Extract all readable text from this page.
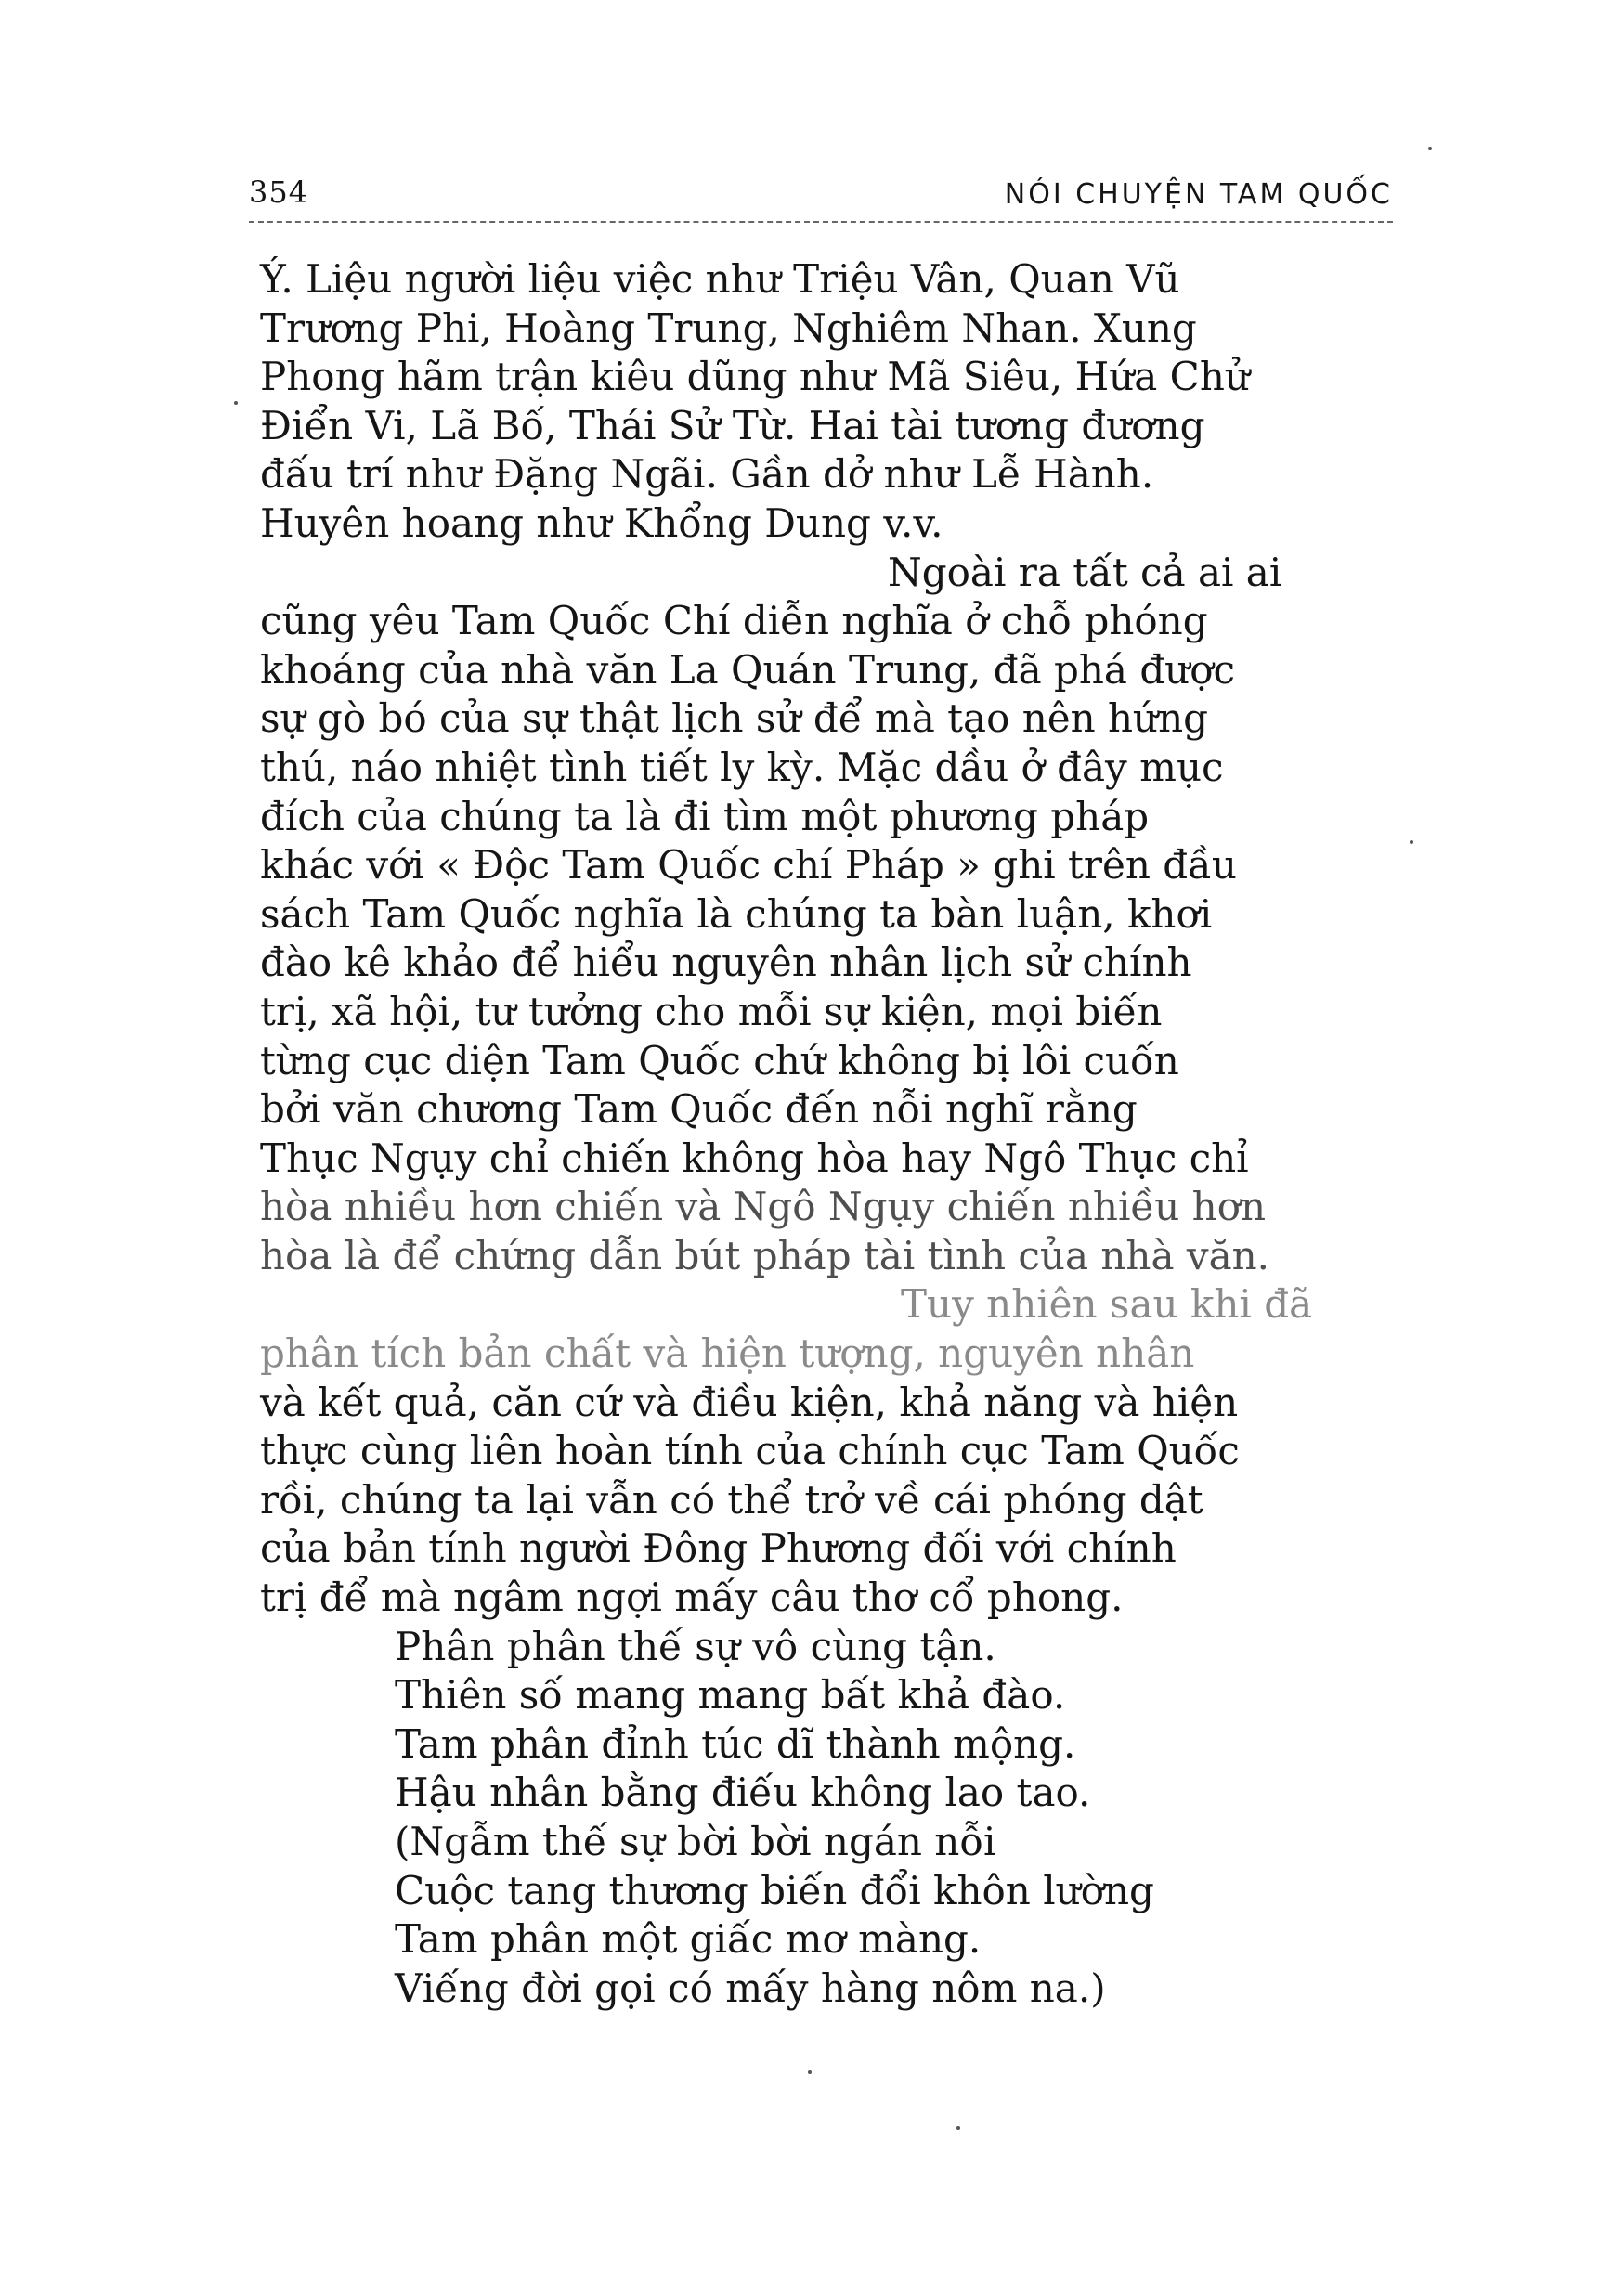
354	NÓI CHUYỆN TAM QUỐC
Ý. Liệu người liệu việc như Triệu Vân, Quan Vũ
Trương Phi, Hoàng Trung, Nghiêm Nhan. Xung
Phong hãm trận kiêu dũng như Mã Siêu, Hứa Chử
Điển Vi, Lã Bố, Thái Sử Từ. Hai tài tương đương
đấu trí như Đặng Ngãi. Gần dở như Lễ Hành.
Huyên hoang như Khổng Dung v.v.
Ngoài ra tất cả ai ai
cũng yêu Tam Quốc Chí diễn nghĩa ở chỗ phóng
khoáng của nhà văn La Quán Trung, đã phá được
sự gò bó của sự thật lịch sử để mà tạo nên hứng
thú, náo nhiệt tình tiết ly kỳ. Mặc dầu ở đây mục
đích của chúng ta là đi tìm một phương pháp
khác với « Độc Tam Quốc chí Pháp » ghi trên đầu
sách Tam Quốc nghĩa là chúng ta bàn luận, khơi
đào kê khảo để hiểu nguyên nhân lịch sử chính
trị, xã hội, tư tưởng cho mỗi sự kiện, mọi biến
từng cục diện Tam Quốc chứ không bị lôi cuốn
bởi văn chương Tam Quốc đến nỗi nghĩ rằng
Thục Ngụy chỉ chiến không hòa hay Ngô Thục chỉ
hòa nhiều hơn chiến và Ngô Ngụy chiến nhiều hơn
hòa là để chứng dẫn bút pháp tài tình của nhà văn.
Tuy nhiên sau khi đã
phân tích bản chất và hiện tượng, nguyên nhân
và kết quả, căn cứ và điều kiện, khả năng và hiện
thực cùng liên hoàn tính của chính cục Tam Quốc
rồi, chúng ta lại vẫn có thể trở về cái phóng dật
của bản tính người Đông Phương đối với chính
trị để mà ngâm ngợi mấy câu thơ cổ phong.
Phân phân thế sự vô cùng tận.
Thiên số mang mang bất khả đào.
Tam phân đỉnh túc dĩ thành mộng.
Hậu nhân bằng điếu không lao tao.
(Ngẫm thế sự bời bời ngán nỗi
Cuộc tang thương biến đổi khôn lường
Tam phân một giấc mơ màng.
Viếng đời gọi có mấy hàng nôm na.)
